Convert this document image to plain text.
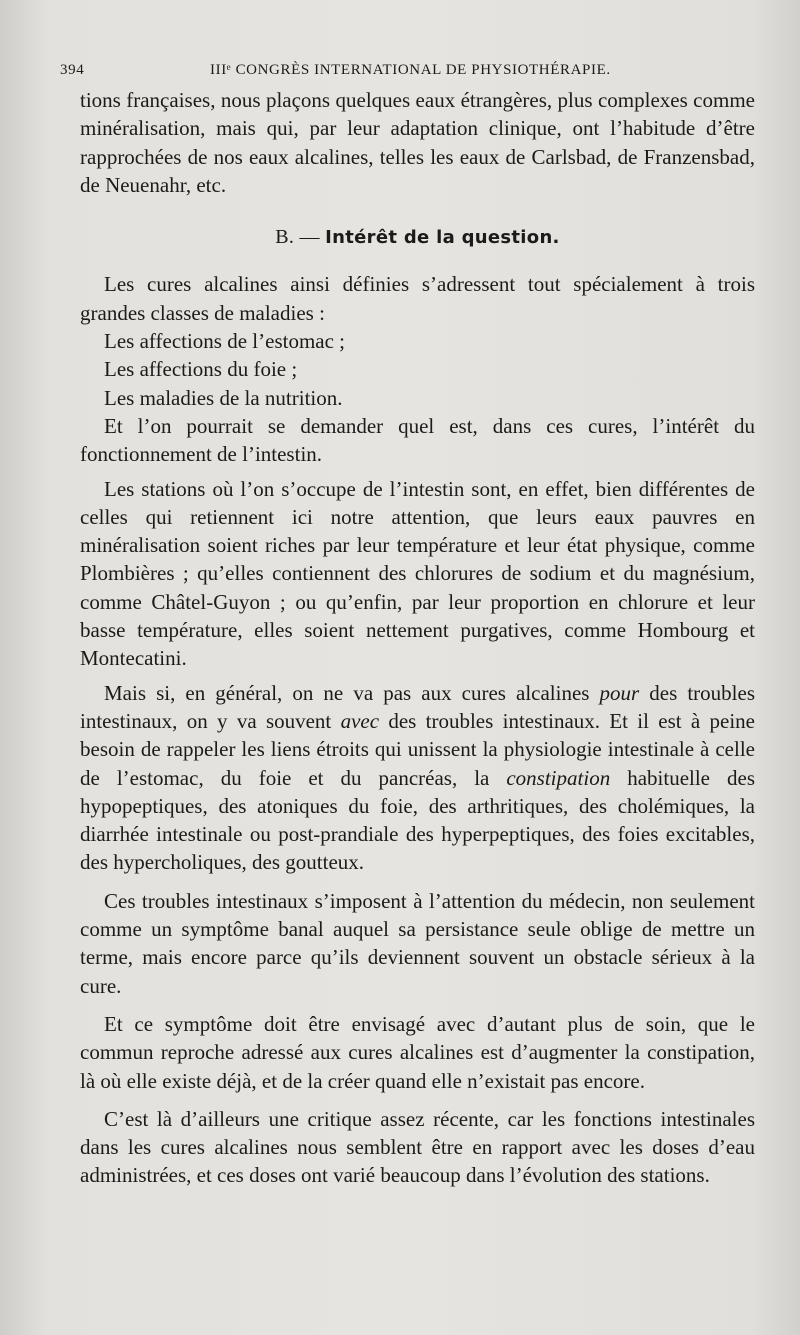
394	IIIᵉ CONGRÈS INTERNATIONAL DE PHYSIOTHÉRAPIE.

tions françaises, nous plaçons quelques eaux étrangères, plus complexes comme minéralisation, mais qui, par leur adaptation clinique, ont l’habitude d’être rapprochées de nos eaux alcalines, telles les eaux de Carlsbad, de Franzensbad, de Neuenahr, etc.

B. — Intérêt de la question.

Les cures alcalines ainsi définies s’adressent tout spécialement à trois grandes classes de maladies :

Les affections de l’estomac ;

Les affections du foie ;

Les maladies de la nutrition.

Et l’on pourrait se demander quel est, dans ces cures, l’intérêt du fonctionnement de l’intestin.

Les stations où l’on s’occupe de l’intestin sont, en effet, bien différentes de celles qui retiennent ici notre attention, que leurs eaux pauvres en minéralisation soient riches par leur température et leur état physique, comme Plombières ; qu’elles contiennent des chlorures de sodium et du magnésium, comme Châtel-Guyon ; ou qu’enfin, par leur proportion en chlorure et leur basse température, elles soient nettement purgatives, comme Hombourg et Montecatini.

Mais si, en général, on ne va pas aux cures alcalines pour des troubles intestinaux, on y va souvent avec des troubles intestinaux. Et il est à peine besoin de rappeler les liens étroits qui unissent la physiologie intestinale à celle de l’estomac, du foie et du pancréas, la constipation habituelle des hypopeptiques, des atoniques du foie, des arthritiques, des cholémiques, la diarrhée intestinale ou post-prandiale des hyperpeptiques, des foies excitables, des hypercholiques, des goutteux.

Ces troubles intestinaux s’imposent à l’attention du médecin, non seulement comme un symptôme banal auquel sa persistance seule oblige de mettre un terme, mais encore parce qu’ils deviennent souvent un obstacle sérieux à la cure.

Et ce symptôme doit être envisagé avec d’autant plus de soin, que le commun reproche adressé aux cures alcalines est d’augmenter la constipation, là où elle existe déjà, et de la créer quand elle n’existait pas encore.

C’est là d’ailleurs une critique assez récente, car les fonctions intestinales dans les cures alcalines nous semblent être en rapport avec les doses d’eau administrées, et ces doses ont varié beaucoup dans l’évolution des stations.
